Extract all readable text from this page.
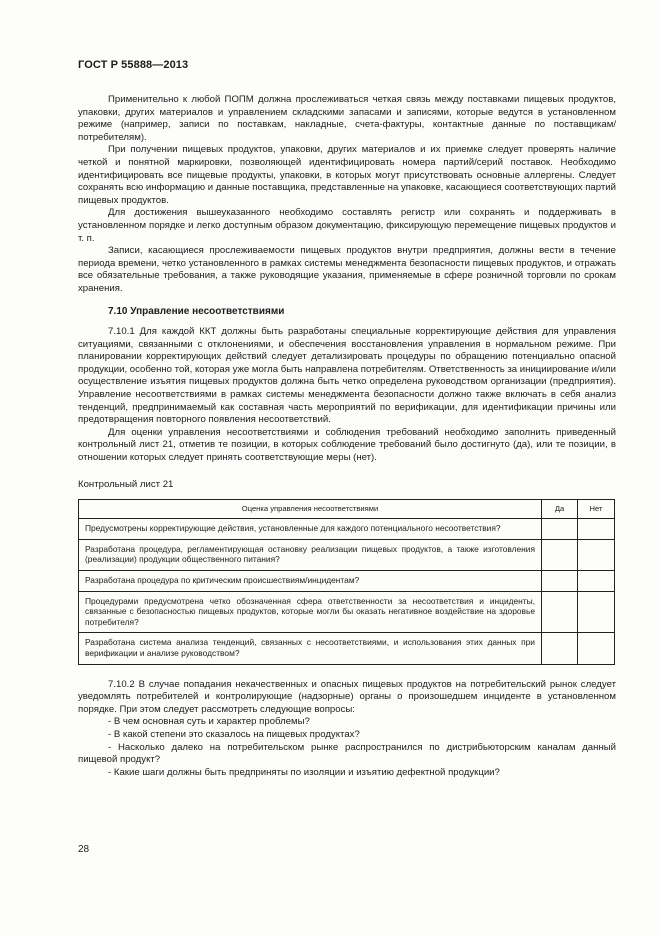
ГОСТ Р 55888—2013

Применительно к любой ПОПМ должна прослеживаться четкая связь между поставками пищевых продуктов, упаковки, других материалов и управлением складскими запасами и записями, которые ведутся в установленном режиме (например, записи по поставкам, накладные, счета-фактуры, контактные данные по поставщикам/потребителям).

При получении пищевых продуктов, упаковки, других материалов и их приемке следует проверять наличие четкой и понятной маркировки, позволяющей идентифицировать номера партий/серий поставок. Необходимо идентифицировать все пищевые продукты, упаковки, в которых могут присутствовать основные аллергены. Следует сохранять всю информацию и данные поставщика, представленные на упаковке, касающиеся соответствующих партий пищевых продуктов.

Для достижения вышеуказанного необходимо составлять регистр или сохранять и поддерживать в установленном порядке и легко доступным образом документацию, фиксирующую перемещение пищевых продуктов и т. п.

Записи, касающиеся прослеживаемости пищевых продуктов внутри предприятия, должны вести в течение периода времени, четко установленного в рамках системы менеджмента безопасности пищевых продуктов, и отражать все обязательные требования, а также руководящие указания, применяемые в сфере розничной торговли по срокам хранения.

7.10 Управление несоответствиями

7.10.1 Для каждой ККТ должны быть разработаны специальные корректирующие действия для управления ситуациями, связанными с отклонениями, и обеспечения восстановления управления в нормальном режиме. При планировании корректирующих действий следует детализировать процедуры по обращению потенциально опасной продукции, особенно той, которая уже могла быть направлена потребителям. Ответственность за инициирование и/или осуществление изъятия пищевых продуктов должна быть четко определена руководством организации (предприятия). Управление несоответствиями в рамках системы менеджмента безопасности должно также включать в себя анализ тенденций, предпринимаемый как составная часть мероприятий по верификации, для идентификации причины или предотвращения повторного появления несоответствий.

Для оценки управления несоответствиями и соблюдения требований необходимо заполнить приведенный контрольный лист 21, отметив те позиции, в которых соблюдение требований было достигнуто (да), или те позиции, в отношении которых следует принять соответствующие меры (нет).

Контрольный лист 21
Оценка управления несоответствиями	Да	Нет
Предусмотрены корректирующие действия, установленные для каждого потенциального несоответствия?		
Разработана процедура, регламентирующая остановку реализации пищевых продуктов, а также изготовления (реализации) продукции общественного питания?		
Разработана процедура по критическим происшествиям/инцидентам?		
Процедурами предусмотрена четко обозначенная сфера ответственности за несоответствия и инциденты, связанные с безопасностью пищевых продуктов, которые могли бы оказать негативное воздействие на здоровье потребителя?		
Разработана система анализа тенденций, связанных с несоответствиями, и использования этих данных при верификации и анализе руководством?		

7.10.2 В случае попадания некачественных и опасных пищевых продуктов на потребительский рынок следует уведомлять потребителей и контролирующие (надзорные) органы о произошедшем инциденте в установленном порядке. При этом следует рассмотреть следующие вопросы:

- В чем основная суть и характер проблемы?

- В какой степени это сказалось на пищевых продуктах?

- Насколько далеко на потребительском рынке распространился по дистрибьюторским каналам данный пищевой продукт?

- Какие шаги должны быть предприняты по изоляции и изъятию дефектной продукции?

28
